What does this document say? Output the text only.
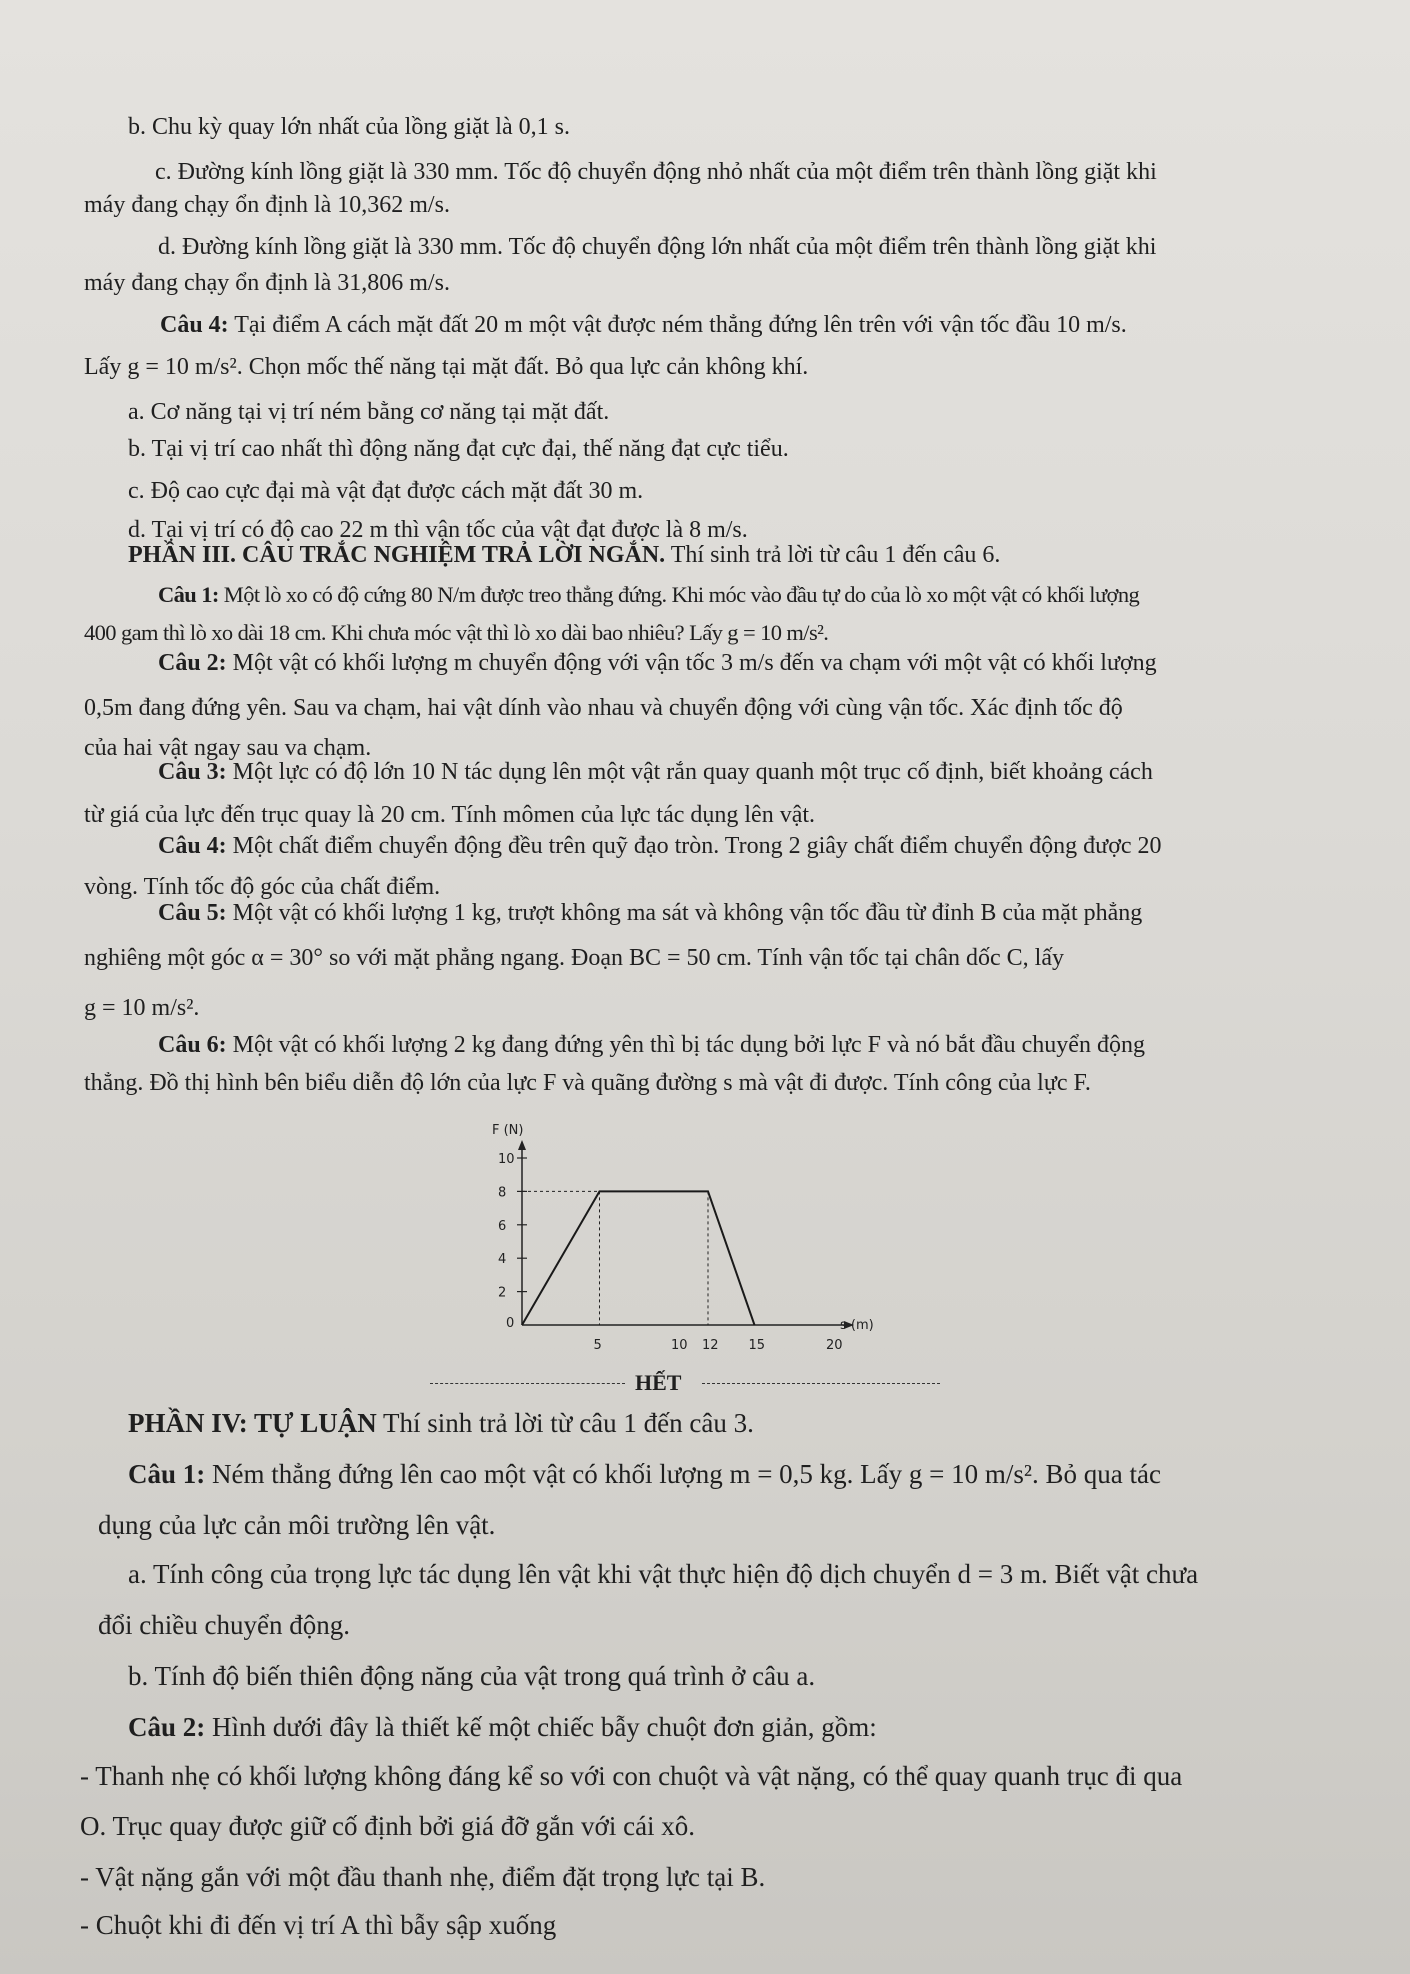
b. Chu kỳ quay lớn nhất của lồng giặt là 0,1 s.
c. Đường kính lồng giặt là 330 mm. Tốc độ chuyển động nhỏ nhất của một điểm trên thành lồng giặt khi
máy đang chạy ổn định là 10,362 m/s.
d. Đường kính lồng giặt là 330 mm. Tốc độ chuyển động lớn nhất của một điểm trên thành lồng giặt khi
máy đang chạy ổn định là 31,806 m/s.
Câu 4: Tại điểm A cách mặt đất 20 m một vật được ném thẳng đứng lên trên với vận tốc đầu 10 m/s.
Lấy g = 10 m/s². Chọn mốc thế năng tại mặt đất. Bỏ qua lực cản không khí.
a. Cơ năng tại vị trí ném bằng cơ năng tại mặt đất.
b. Tại vị trí cao nhất thì động năng đạt cực đại, thế năng đạt cực tiểu.
c. Độ cao cực đại mà vật đạt được cách mặt đất 30 m.
d. Tại vị trí có độ cao 22 m thì vận tốc của vật đạt được là 8 m/s.
PHẦN III. CÂU TRẮC NGHIỆM TRẢ LỜI NGẮN. Thí sinh trả lời từ câu 1 đến câu 6.
Câu 1: Một lò xo có độ cứng 80 N/m được treo thẳng đứng. Khi móc vào đầu tự do của lò xo một vật có khối lượng
400 gam thì lò xo dài 18 cm. Khi chưa móc vật thì lò xo dài bao nhiêu? Lấy g = 10 m/s².
Câu 2: Một vật có khối lượng m chuyển động với vận tốc 3 m/s đến va chạm với một vật có khối lượng
0,5m đang đứng yên. Sau va chạm, hai vật dính vào nhau và chuyển động với cùng vận tốc. Xác định tốc độ
của hai vật ngay sau va chạm.
Câu 3: Một lực có độ lớn 10 N tác dụng lên một vật rắn quay quanh một trục cố định, biết khoảng cách
từ giá của lực đến trục quay là 20 cm. Tính mômen của lực tác dụng lên vật.
Câu 4: Một chất điểm chuyển động đều trên quỹ đạo tròn. Trong 2 giây chất điểm chuyển động được 20
vòng. Tính tốc độ góc của chất điểm.
Câu 5: Một vật có khối lượng 1 kg, trượt không ma sát và không vận tốc đầu từ đỉnh B của mặt phẳng
nghiêng một góc α = 30° so với mặt phẳng ngang. Đoạn BC = 50 cm. Tính vận tốc tại chân dốc C, lấy
g = 10 m/s².
Câu 6: Một vật có khối lượng 2 kg đang đứng yên thì bị tác dụng bởi lực F và nó bắt đầu chuyển động
thẳng. Đồ thị hình bên biểu diễn độ lớn của lực F và quãng đường s mà vật đi được. Tính công của lực F.
F (N)
s (m)
2
4
6
8
10
0
5	10 12 15	20
HẾT
PHẦN IV: TỰ LUẬN Thí sinh trả lời từ câu 1 đến câu 3.
Câu 1: Ném thẳng đứng lên cao một vật có khối lượng m = 0,5 kg. Lấy g = 10 m/s². Bỏ qua tác
dụng của lực cản môi trường lên vật.
a. Tính công của trọng lực tác dụng lên vật khi vật thực hiện độ dịch chuyển d = 3 m. Biết vật chưa
đổi chiều chuyển động.
b. Tính độ biến thiên động năng của vật trong quá trình ở câu a.
Câu 2: Hình dưới đây là thiết kế một chiếc bẫy chuột đơn giản, gồm:
- Thanh nhẹ có khối lượng không đáng kể so với con chuột và vật nặng, có thể quay quanh trục đi qua
O. Trục quay được giữ cố định bởi giá đỡ gắn với cái xô.
- Vật nặng gắn với một đầu thanh nhẹ, điểm đặt trọng lực tại B.
- Chuột khi đi đến vị trí A thì bẫy sập xuống
